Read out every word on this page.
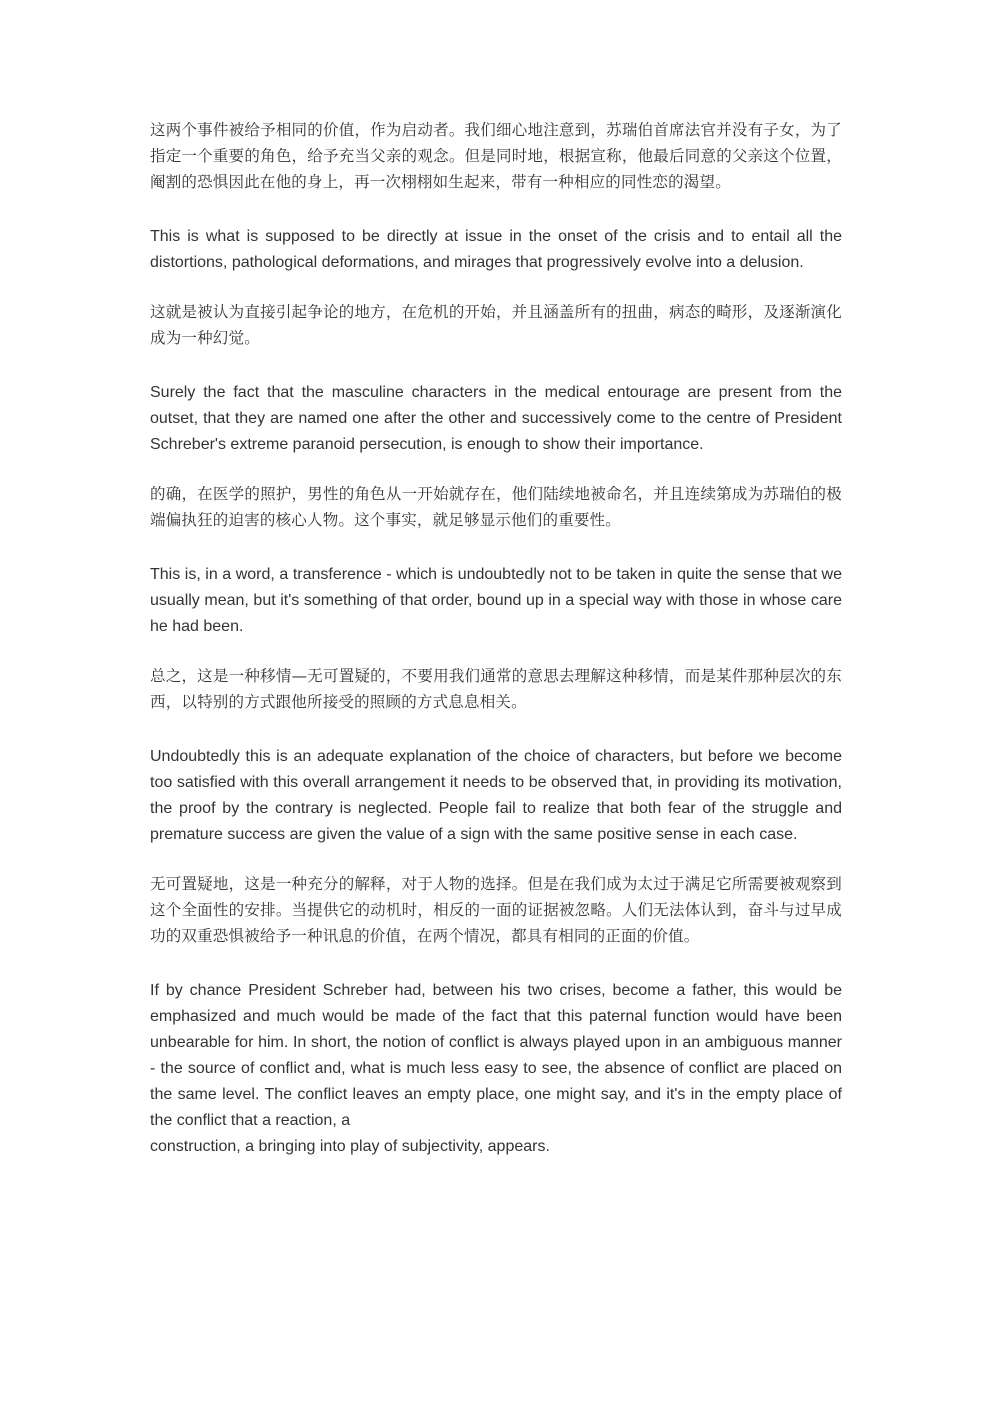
这两个事件被给予相同的价值，作为启动者。我们细心地注意到，苏瑞伯首席法官并没有子女，为了指定一个重要的角色，给予充当父亲的观念。但是同时地，根据宣称，他最后同意的父亲这个位置，阉割的恐惧因此在他的身上，再一次栩栩如生起来，带有一种相应的同性恋的渴望。

This is what is supposed to be directly at issue in the onset of the crisis and to entail all the distortions, pathological deformations, and mirages that progressively evolve into a delusion.

这就是被认为直接引起争论的地方，在危机的开始，并且涵盖所有的扭曲，病态的畸形，及逐渐演化成为一种幻觉。

Surely the fact that the masculine characters in the medical entourage are present from the outset, that they are named one after the other and successively come to the centre of President Schreber's extreme paranoid persecution, is enough to show their importance.

的确，在医学的照护，男性的角色从一开始就存在，他们陆续地被命名，并且连续第成为苏瑞伯的极端偏执狂的迫害的核心人物。这个事实，就足够显示他们的重要性。

This is, in a word, a transference - which is undoubtedly not to be taken in quite the sense that we usually mean, but it's something of that order, bound up in a special way with those in whose care he had been.

总之，这是一种移情—无可置疑的，不要用我们通常的意思去理解这种移情，而是某件那种层次的东西，以特别的方式跟他所接受的照顾的方式息息相关。

Undoubtedly this is an adequate explanation of the choice of characters, but before we become too satisfied with this overall arrangement it needs to be observed that, in providing its motivation, the proof by the contrary is neglected. People fail to realize that both fear of the struggle and premature success are given the value of a sign with the same positive sense in each case.

无可置疑地，这是一种充分的解释，对于人物的选择。但是在我们成为太过于满足它所需要被观察到这个全面性的安排。当提供它的动机时，相反的一面的证据被忽略。人们无法体认到，奋斗与过早成功的双重恐惧被给予一种讯息的价值，在两个情况，都具有相同的正面的价值。

If by chance President Schreber had, between his two crises, become a father, this would be emphasized and much would be made of the fact that this paternal function would have been unbearable for him. In short, the notion of conflict is always played upon in an ambiguous manner - the source of conflict and, what is much less easy to see, the absence of conflict are placed on the same level. The conflict leaves an empty place, one might say, and it's in the empty place of the conflict that a reaction, a
construction, a bringing into play of subjectivity, appears.
